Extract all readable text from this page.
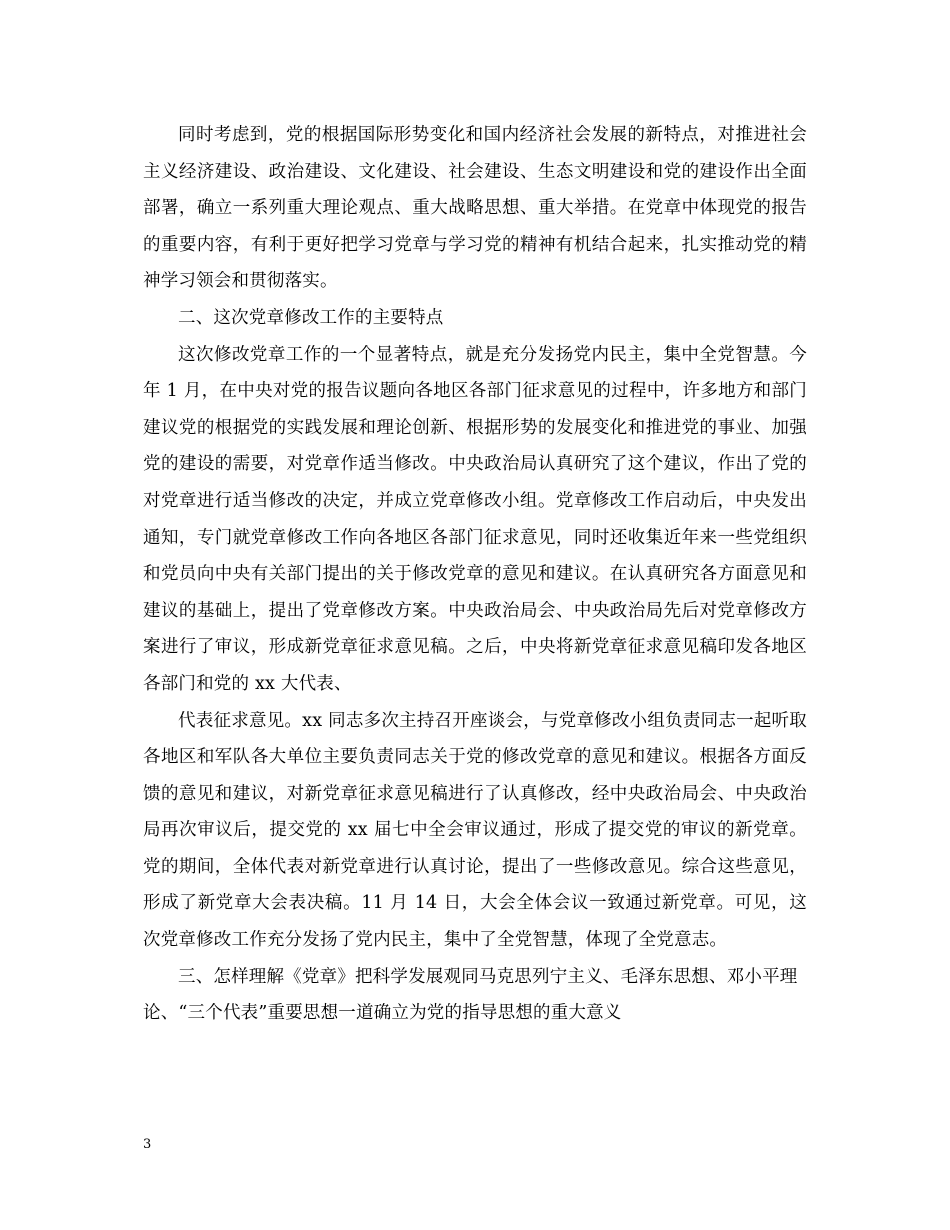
同时考虑到，党的根据国际形势变化和国内经济社会发展的新特点，对推进社会主义经济建设、政治建设、文化建设、社会建设、生态文明建设和党的建设作出全面部署，确立一系列重大理论观点、重大战略思想、重大举措。在党章中体现党的报告的重要内容，有利于更好把学习党章与学习党的精神有机结合起来，扎实推动党的精神学习领会和贯彻落实。

二、这次党章修改工作的主要特点

这次修改党章工作的一个显著特点，就是充分发扬党内民主，集中全党智慧。今年 1 月，在中央对党的报告议题向各地区各部门征求意见的过程中，许多地方和部门建议党的根据党的实践发展和理论创新、根据形势的发展变化和推进党的事业、加强党的建设的需要，对党章作适当修改。中央政治局认真研究了这个建议，作出了党的对党章进行适当修改的决定，并成立党章修改小组。党章修改工作启动后，中央发出通知，专门就党章修改工作向各地区各部门征求意见，同时还收集近年来一些党组织和党员向中央有关部门提出的关于修改党章的意见和建议。在认真研究各方面意见和建议的基础上，提出了党章修改方案。中央政治局会、中央政治局先后对党章修改方案进行了审议，形成新党章征求意见稿。之后，中央将新党章征求意见稿印发各地区各部门和党的 xx 大代表、

代表征求意见。xx 同志多次主持召开座谈会，与党章修改小组负责同志一起听取各地区和军队各大单位主要负责同志关于党的修改党章的意见和建议。根据各方面反馈的意见和建议，对新党章征求意见稿进行了认真修改，经中央政治局会、中央政治局再次审议后，提交党的 xx 届七中全会审议通过，形成了提交党的审议的新党章。党的期间，全体代表对新党章进行认真讨论，提出了一些修改意见。综合这些意见，形成了新党章大会表决稿。11 月 14 日，大会全体会议一致通过新党章。可见，这次党章修改工作充分发扬了党内民主，集中了全党智慧，体现了全党意志。

三、怎样理解《党章》把科学发展观同马克思列宁主义、毛泽东思想、邓小平理论、“三个代表”重要思想一道确立为党的指导思想的重大意义

3
